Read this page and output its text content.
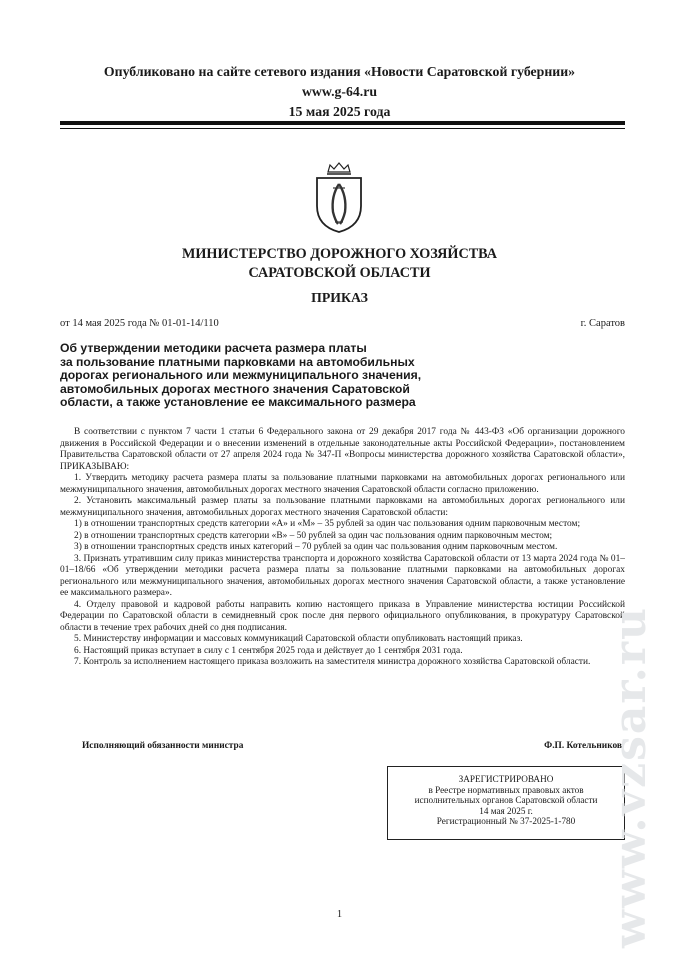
Опубликовано на сайте сетевого издания «Новости Саратовской губернии»
www.g-64.ru
15 мая 2025 года
МИНИСТЕРСТВО ДОРОЖНОГО ХОЗЯЙСТВА
САРАТОВСКОЙ ОБЛАСТИ
ПРИКАЗ
от 14 мая 2025 года № 01-01-14/110	г. Саратов
Об утверждении методики расчета размера платы
за пользование платными парковками на автомобильных
дорогах регионального или межмуниципального значения,
автомобильных дорогах местного значения Саратовской
области, а также установление ее максимального размера

В соответствии с пунктом 7 части 1 статьи 6 Федерального закона от 29 декабря 2017 года № 443-ФЗ «Об организации дорожного движения в Российской Федерации и о внесении изменений в отдельные законодательные акты Российской Федерации», постановлением Правительства Саратовской области от 27 апреля 2024 года № 347-П «Вопросы министерства дорожного хозяйства Саратовской области», ПРИКАЗЫВАЮ:

1. Утвердить методику расчета размера платы за пользование платными парковками на автомобильных дорогах регионального или межмуниципального значения, автомобильных дорогах местного значения Саратовской области согласно приложению.

2. Установить максимальный размер платы за пользование платными парковками на автомобильных дорогах регионального или межмуниципального значения, автомобильных дорогах местного значения Саратовской области:

1) в отношении транспортных средств категории «А» и «М» – 35 рублей за один час пользования одним парковочным местом;

2) в отношении транспортных средств категории «В» – 50 рублей за один час пользования одним парковочным местом;

3) в отношении транспортных средств иных категорий – 70 рублей за один час пользования одним парковочным местом.

3. Признать утратившим силу приказ министерства транспорта и дорожного хозяйства Саратовской области от 13 марта 2024 года № 01–01–18/66 «Об утверждении методики расчета размера платы за пользование платными парковками на автомобильных дорогах регионального или межмуниципального значения, автомобильных дорогах местного значения Саратовской области, а также установление ее максимального размера».

4. Отделу правовой и кадровой работы направить копию настоящего приказа в Управление министерства юстиции Российской Федерации по Саратовской области в семидневный срок после дня первого официального опубликования, в прокуратуру Саратовской области в течение трех рабочих дней со дня подписания.

5. Министерству информации и массовых коммуникаций Саратовской области опубликовать настоящий приказ.

6. Настоящий приказ вступает в силу с 1 сентября 2025 года и действует до 1 сентября 2031 года.

7. Контроль за исполнением настоящего приказа возложить на заместителя министра дорожного хозяйства Саратовской области.

Исполняющий обязанности министра	Ф.П. Котельников
ЗАРЕГИСТРИРОВАНО
в Реестре нормативных правовых актов
исполнительных органов Саратовской области
14 мая 2025 г.
Регистрационный № 37-2025-1-780
1	www.vzsar.ru
